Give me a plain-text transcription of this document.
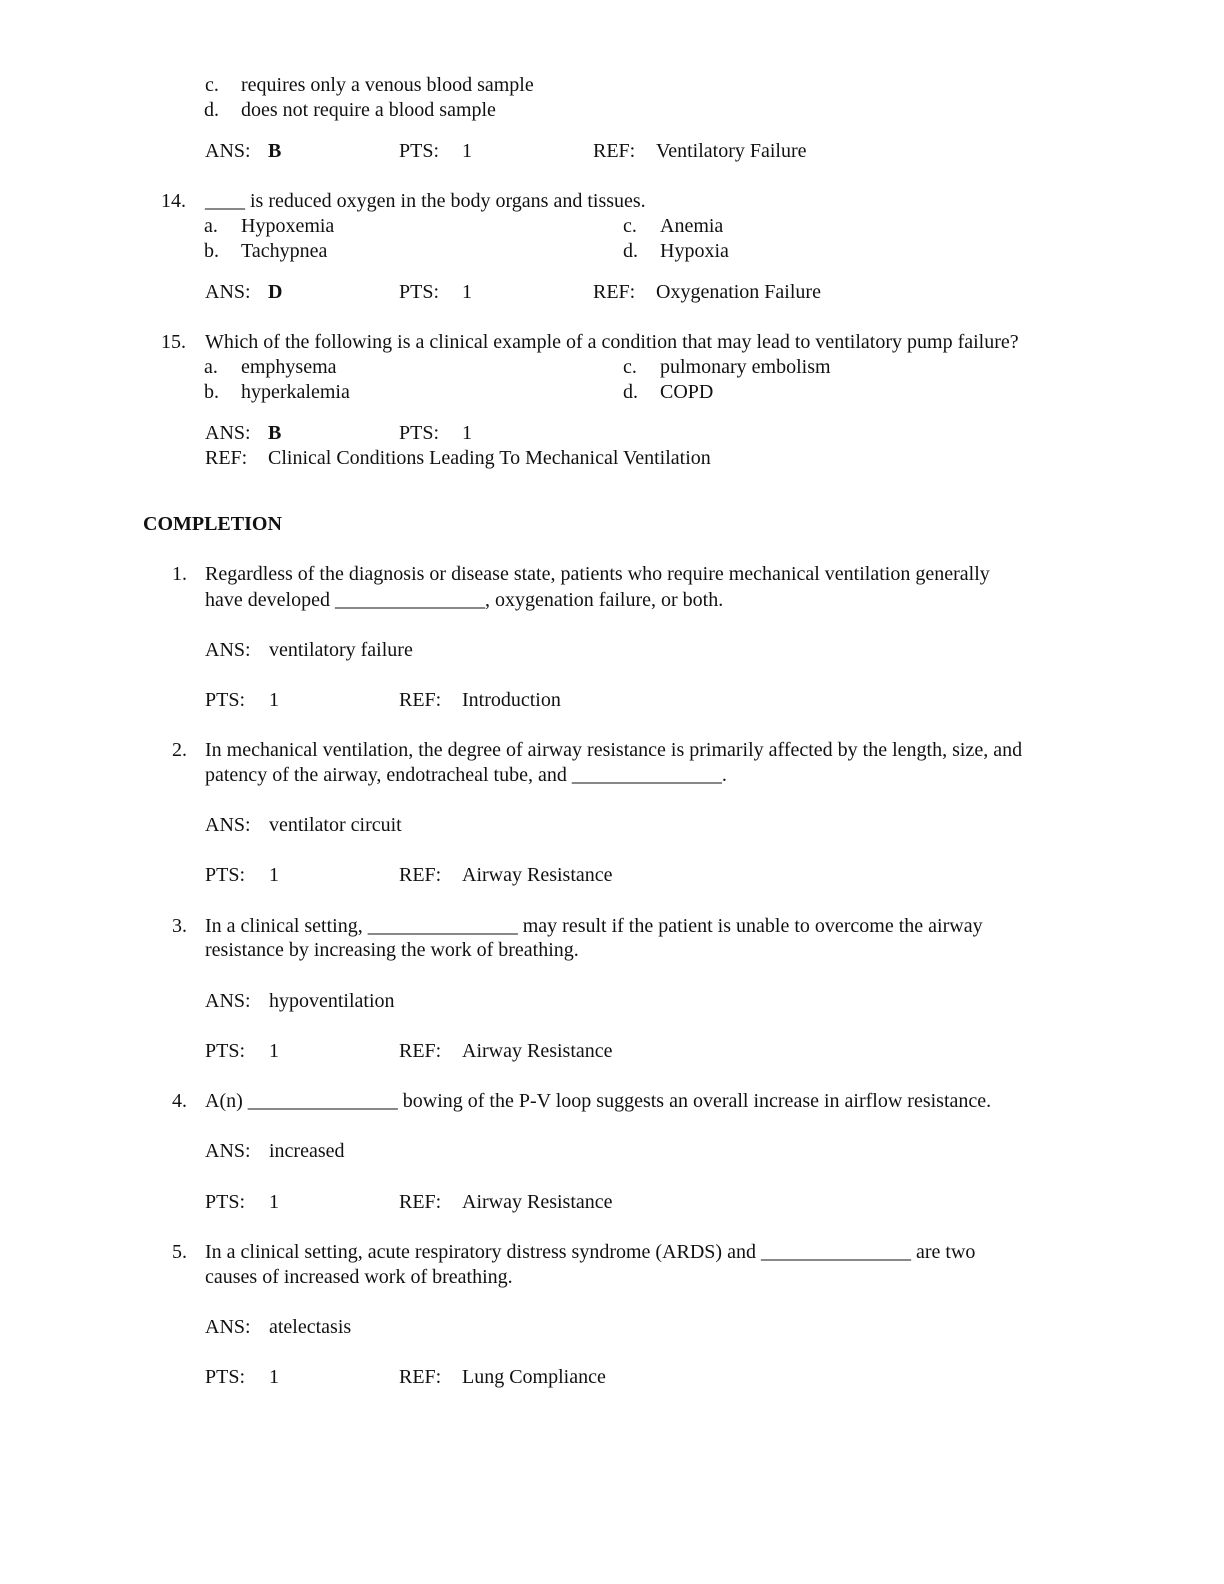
c. requires only a venous blood sample
d. does not require a blood sample
ANS: B	PTS: 1	REF: Ventilatory Failure
14. ____ is reduced oxygen in the body organs and tissues.
a. Hypoxemia	c. Anemia
b. Tachypnea	d. Hypoxia
ANS: D	PTS: 1	REF: Oxygenation Failure
15. Which of the following is a clinical example of a condition that may lead to ventilatory pump failure?
a. emphysema	c. pulmonary embolism
b. hyperkalemia	d. COPD
ANS: B	PTS: 1
REF: Clinical Conditions Leading To Mechanical Ventilation
COMPLETION
1. Regardless of the diagnosis or disease state, patients who require mechanical ventilation generally
have developed _______________, oxygenation failure, or both.
ANS: ventilatory failure
PTS: 1	REF: Introduction
2. In mechanical ventilation, the degree of airway resistance is primarily affected by the length, size, and
patency of the airway, endotracheal tube, and _______________.
ANS: ventilator circuit
PTS: 1	REF: Airway Resistance
3. In a clinical setting, _______________ may result if the patient is unable to overcome the airway
resistance by increasing the work of breathing.
ANS: hypoventilation
PTS: 1	REF: Airway Resistance
4. A(n) _______________ bowing of the P-V loop suggests an overall increase in airflow resistance.
ANS: increased
PTS: 1	REF: Airway Resistance
5. In a clinical setting, acute respiratory distress syndrome (ARDS) and _______________ are two
causes of increased work of breathing.
ANS: atelectasis
PTS: 1	REF: Lung Compliance
